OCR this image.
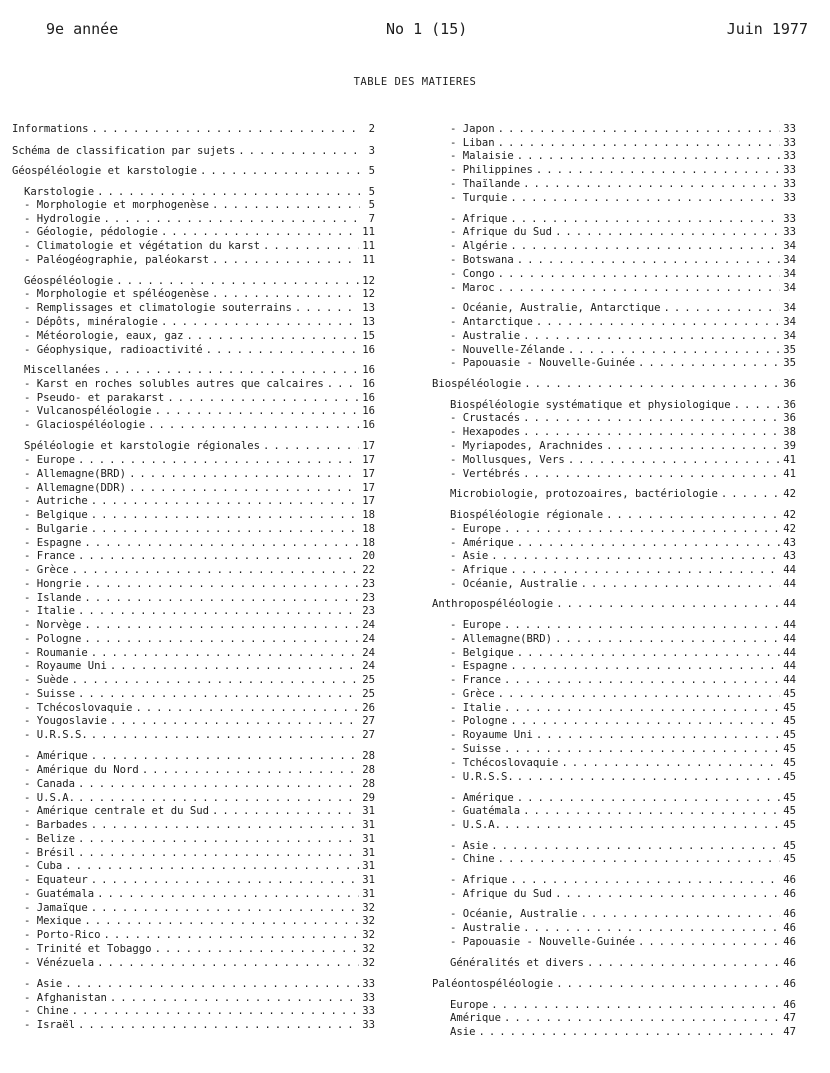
9e année	No 1 (15)	Juin 1977
TABLE DES MATIERES
Informations . . .	2
Schéma de classification par sujets . . .	3
Géospéléologie et karstologie . . .	5
Karstologie . . .	5
- Morphologie et morphogenèse . . .	5
- Hydrologie . . .	7
- Géologie, pédologie . . .	11
- Climatologie et végétation du karst . . .	11
- Paléogéographie, paléokarst . . .	11
Géospéléologie . . .	12
- Morphologie et spéléogenèse . . .	12
- Remplissages et climatologie souterrains . . .	13
- Dépôts, minéralogie . . .	13
- Météorologie, eaux, gaz . . .	15
- Géophysique, radioactivité . . .	16
Miscellanées . . .	16
- Karst en roches solubles autres que calcaires . . .	16
- Pseudo- et parakarst . . .	16
- Vulcanospéléologie . . .	16
- Glaciospéléologie . . .	16
Spéléologie et karstologie régionales . . .	17
- Europe . . .	17
- Allemagne(BRD) . . .	17
- Allemagne(DDR) . . .	17
- Autriche . . .	17
- Belgique . . .	18
- Bulgarie . . .	18
- Espagne . . .	18
- France . . .	20
- Grèce . . .	22
- Hongrie . . .	23
- Islande . . .	23
- Italie . . .	23
- Norvège . . .	24
- Pologne . . .	24
- Roumanie . . .	24
- Royaume Uni . . .	24
- Suède . . .	25
- Suisse . . .	25
- Tchécoslovaquie . . .	26
- Yougoslavie . . .	27
- U.R.S.S. . . .	27
- Amérique . . .	28
- Amérique du Nord . . .	28
- Canada . . .	28
- U.S.A. . . .	29
- Amérique centrale et du Sud . . .	31
- Barbades . . .	31
- Belize . . .	31
- Brésil . . .	31
- Cuba . . .	31
- Equateur . . .	31
- Guatémala . . .	31
- Jamaïque . . .	32
- Mexique . . .	32
- Porto-Rico . . .	32
- Trinité et Tobaggo . . .	32
- Vénézuela . . .	32
- Asie . . .	33
- Afghanistan . . .	33
- Chine . . .	33
- Israël . . .	33
- Japon . . .	33
- Liban . . .	33
- Malaisie . . .	33
- Philippines . . .	33
- Thaïlande . . .	33
- Turquie . . .	33
- Afrique . . .	33
- Afrique du Sud . . .	33
- Algérie . . .	34
- Botswana . . .	34
- Congo . . .	34
- Maroc . . .	34
- Océanie, Australie, Antarctique . . .	34
- Antarctique . . .	34
- Australie . . .	34
- Nouvelle-Zélande . . .	35
- Papouasie - Nouvelle-Guinée . . .	35
Biospéléologie . . .	36
Biospéléologie systématique et physiologique . . .	36
- Crustacés . . .	36
- Hexapodes . . .	38
- Myriapodes, Arachnides . . .	39
- Mollusques, Vers . . .	41
- Vertébrés . . .	41
Microbiologie, protozoaires, bactériologie . . .	42
Biospéléologie régionale . . .	42
- Europe . . .	42
- Amérique . . .	43
- Asie . . .	43
- Afrique . . .	44
- Océanie, Australie . . .	44
Anthropospéléologie . . .	44
- Europe . . .	44
- Allemagne(BRD) . . .	44
- Belgique . . .	44
- Espagne . . .	44
- France . . .	44
- Grèce . . .	45
- Italie . . .	45
- Pologne . . .	45
- Royaume Uni . . .	45
- Suisse . . .	45
- Tchécoslovaquie . . .	45
- U.R.S.S. . . .	45
- Amérique . . .	45
- Guatémala . . .	45
- U.S.A. . . .	45
- Asie . . .	45
- Chine . . .	45
- Afrique . . .	46
- Afrique du Sud . . .	46
- Océanie, Australie . . .	46
- Australie . . .	46
- Papouasie - Nouvelle-Guinée . . .	46
Généralités et divers . . .	46
Paléontospéléologie . . .	46
Europe . . .	46
Amérique . . .	47
Asie . . .	47
